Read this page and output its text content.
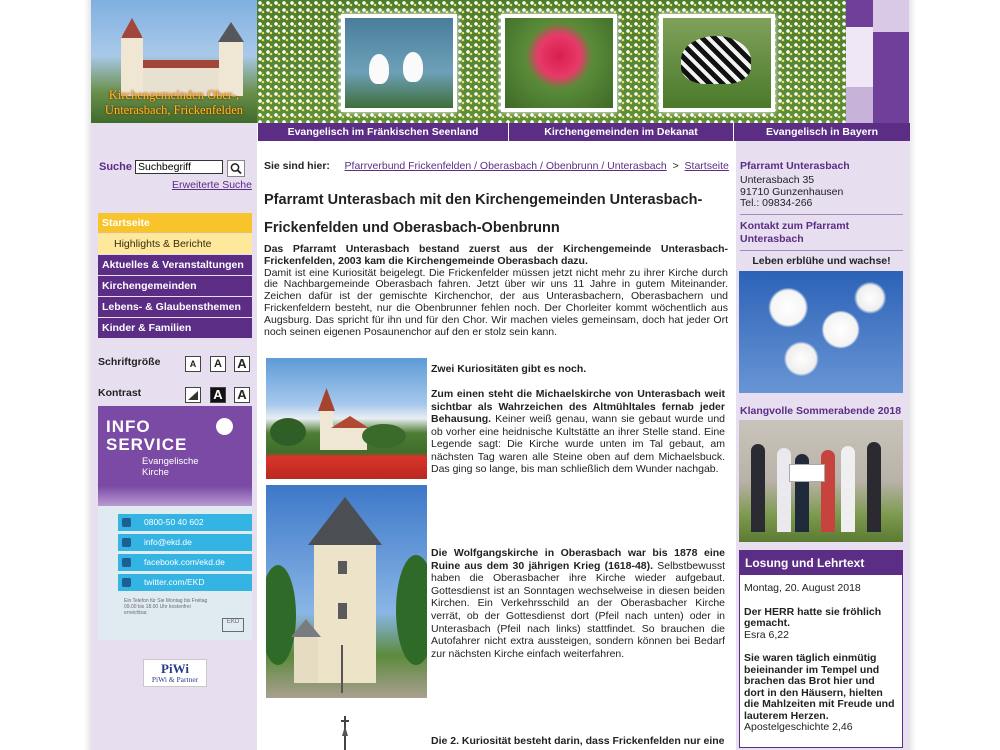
Kirchengemeinden Ober-,
Unterasbach, Frickenfelden
Evangelisch im Fränkischen Seenland	Kirchengemeinden im Dekanat	Evangelisch in Bayern
Suche
Suchbegriff
Erweiterte Suche
Startseite
Highlights & Berichte
Aktuelles & Veranstaltungen
Kirchengemeinden
Lebens- & Glaubensthemen
Kinder & Familien
Schriftgröße	A	A	A
Kontrast	A A
INFO
SERVICE
Evangelische
Kirche
0800-50 40 602
info@ekd.de
facebook.com/ekd.de
twitter.com/EKD
Ein Telefon für Sie Montag bis Freitag 09.00 bis 18.00 Uhr kostenfrei erreichbar.
EKD
PiWi
PiWi & Partner
Sie sind hier: Pfarrverbund Frickenfelden / Oberasbach / Obenbrunn / Unterasbach > Startseite
Pfarramt Unterasbach mit den Kirchengemeinden Unterasbach-Frickenfelden und Oberasbach-Obenbrunn
Das Pfarramt Unterasbach bestand zuerst aus der Kirchengemeinde Unterasbach-Frickenfelden, 2003 kam die Kirchengemeinde Oberasbach dazu.
Damit ist eine Kuriosität beigelegt. Die Frickenfelder müssen jetzt nicht mehr zu ihrer Kirche durch die Nachbargemeinde Oberasbach fahren. Jetzt über wir uns 11 Jahre in gutem Miteinander. Zeichen dafür ist der gemischte Kirchenchor, der aus Unterasbachern, Oberasbachern und Frickenfeldern besteht, nur die Obenbrunner fehlen noch. Der Chorleiter kommt wöchentlich aus Augsburg. Das spricht für ihn und für den Chor. Wir machen vieles gemeinsam, doch hat jeder Ort noch seinen eigenen Posaunenchor auf den er stolz sein kann.
Zwei Kuriositäten gibt es noch.

Zum einen steht die Michaelskirche von Unterasbach weit sichtbar als Wahrzeichen des Altmühltales fernab jeder Behausung. Keiner weiß genau, wann sie gebaut wurde und ob vorher eine heidnische Kultstätte an ihrer Stelle stand. Eine Legende sagt: Die Kirche wurde unten im Tal gebaut, am nächsten Tag waren alle Steine oben auf dem Michaelsbuck. Das ging so lange, bis man schließlich dem Wunder nachgab.
Die Wolfgangskirche in Oberasbach war bis 1878 eine Ruine aus dem 30 jährigen Krieg (1618-48). Selbstbewusst haben die Oberasbacher ihre Kirche wieder aufgebaut. Gottesdienst ist an Sonntagen wechselweise in diesen beiden Kirchen. Ein Verkehrsschild an der Oberasbacher Kirche verrät, ob der Gottesdienst dort (Pfeil nach unten) oder in Unterasbach (Pfeil nach links) stattfindet. So brauchen die Autofahrer nicht extra aussteigen, sondern können bei Bedarf zur nächsten Kirche einfach weiterfahren.
Die 2. Kuriosität besteht darin, dass Frickenfelden nur eine
Pfarramt Unterasbach
Unterasbach 35
91710 Gunzenhausen
Tel.: 09834-266
Kontakt zum Pfarramt Unterasbach
Leben erblühe und wachse!
Klangvolle Sommerabende 2018
Losung und Lehrtext

Montag, 20. August 2018

Der HERR hatte sie fröhlich gemacht.
Esra 6,22

Sie waren täglich einmütig beieinander im Tempel und brachen das Brot hier und dort in den Häusern, hielten die Mahlzeiten mit Freude und lauterem Herzen.
Apostelgeschichte 2,46
